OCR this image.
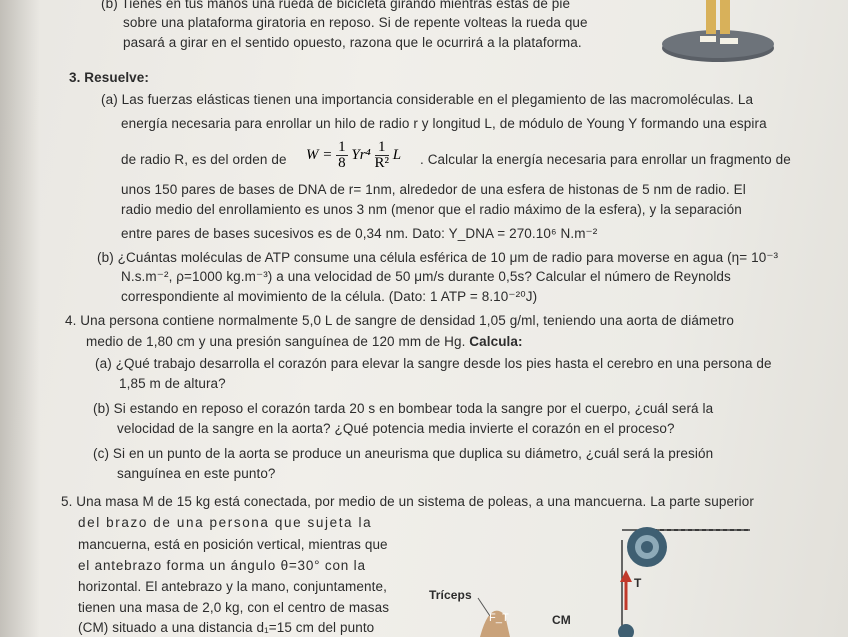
(b) Tienes en tus manos una rueda de bicicleta girando mientras estás de pie
sobre una plataforma giratoria en reposo. Si de repente volteas la rueda que
pasará a girar en el sentido opuesto, razona que le ocurrirá a la plataforma.
3. Resuelve:
(a) Las fuerzas elásticas tienen una importancia considerable en el plegamiento de las macromoléculas. La
energía necesaria para enrollar un hilo de radio r y longitud L, de módulo de Young Y formando una espira
de radio R, es del orden de $W = \frac{1}{8} Yr^4 \frac{1}{\text{R²}}$ L . Calcular la energía necesaria para enrollar un fragmento de
unos 150 pares de bases de DNA de r= 1nm, alrededor de una esfera de histonas de 5 nm de radio. El
radio medio del enrollamiento es unos 3 nm (menor que el radio máximo de la esfera), y la separación
entre pares de bases sucesivos es de 0,34 nm. Dato: Y_DNA = 270.10⁶ N.m⁻²
(b) ¿Cuántas moléculas de ATP consume una célula esférica de 10 μm de radio para moverse en agua (η= 10⁻³
N.s.m⁻², ρ=1000 kg.m⁻³) a una velocidad de 50 μm/s durante 0,5s? Calcular el número de Reynolds
correspondiente al movimiento de la célula. (Dato: 1 ATP = 8.10⁻²⁰J)
4. Una persona contiene normalmente 5,0 L de sangre de densidad 1,05 g/ml, teniendo una aorta de diámetro
medio de 1,80 cm y una presión sanguínea de 120 mm de Hg. Calcula:
(a) ¿Qué trabajo desarrolla el corazón para elevar la sangre desde los pies hasta el cerebro en una persona de
1,85 m de altura?
(b) Si estando en reposo el corazón tarda 20 s en bombear toda la sangre por el cuerpo, ¿cuál será la
velocidad de la sangre en la aorta? ¿Qué potencia media invierte el corazón en el proceso?
(c) Si en un punto de la aorta se produce un aneurisma que duplica su diámetro, ¿cuál será la presión
sanguínea en este punto?
5. Una masa M de 15 kg está conectada, por medio de un sistema de poleas, a una mancuerna. La parte superior
del brazo de una persona que sujeta la
mancuerna, está en posición vertical, mientras que
el antebrazo forma un ángulo θ=30° con la
horizontal. El antebrazo y la mano, conjuntamente,
tienen una masa de 2,0 kg, con el centro de masas
(CM) situado a una distancia d₁=15 cm del punto
Tríceps
F_T	CM
T
